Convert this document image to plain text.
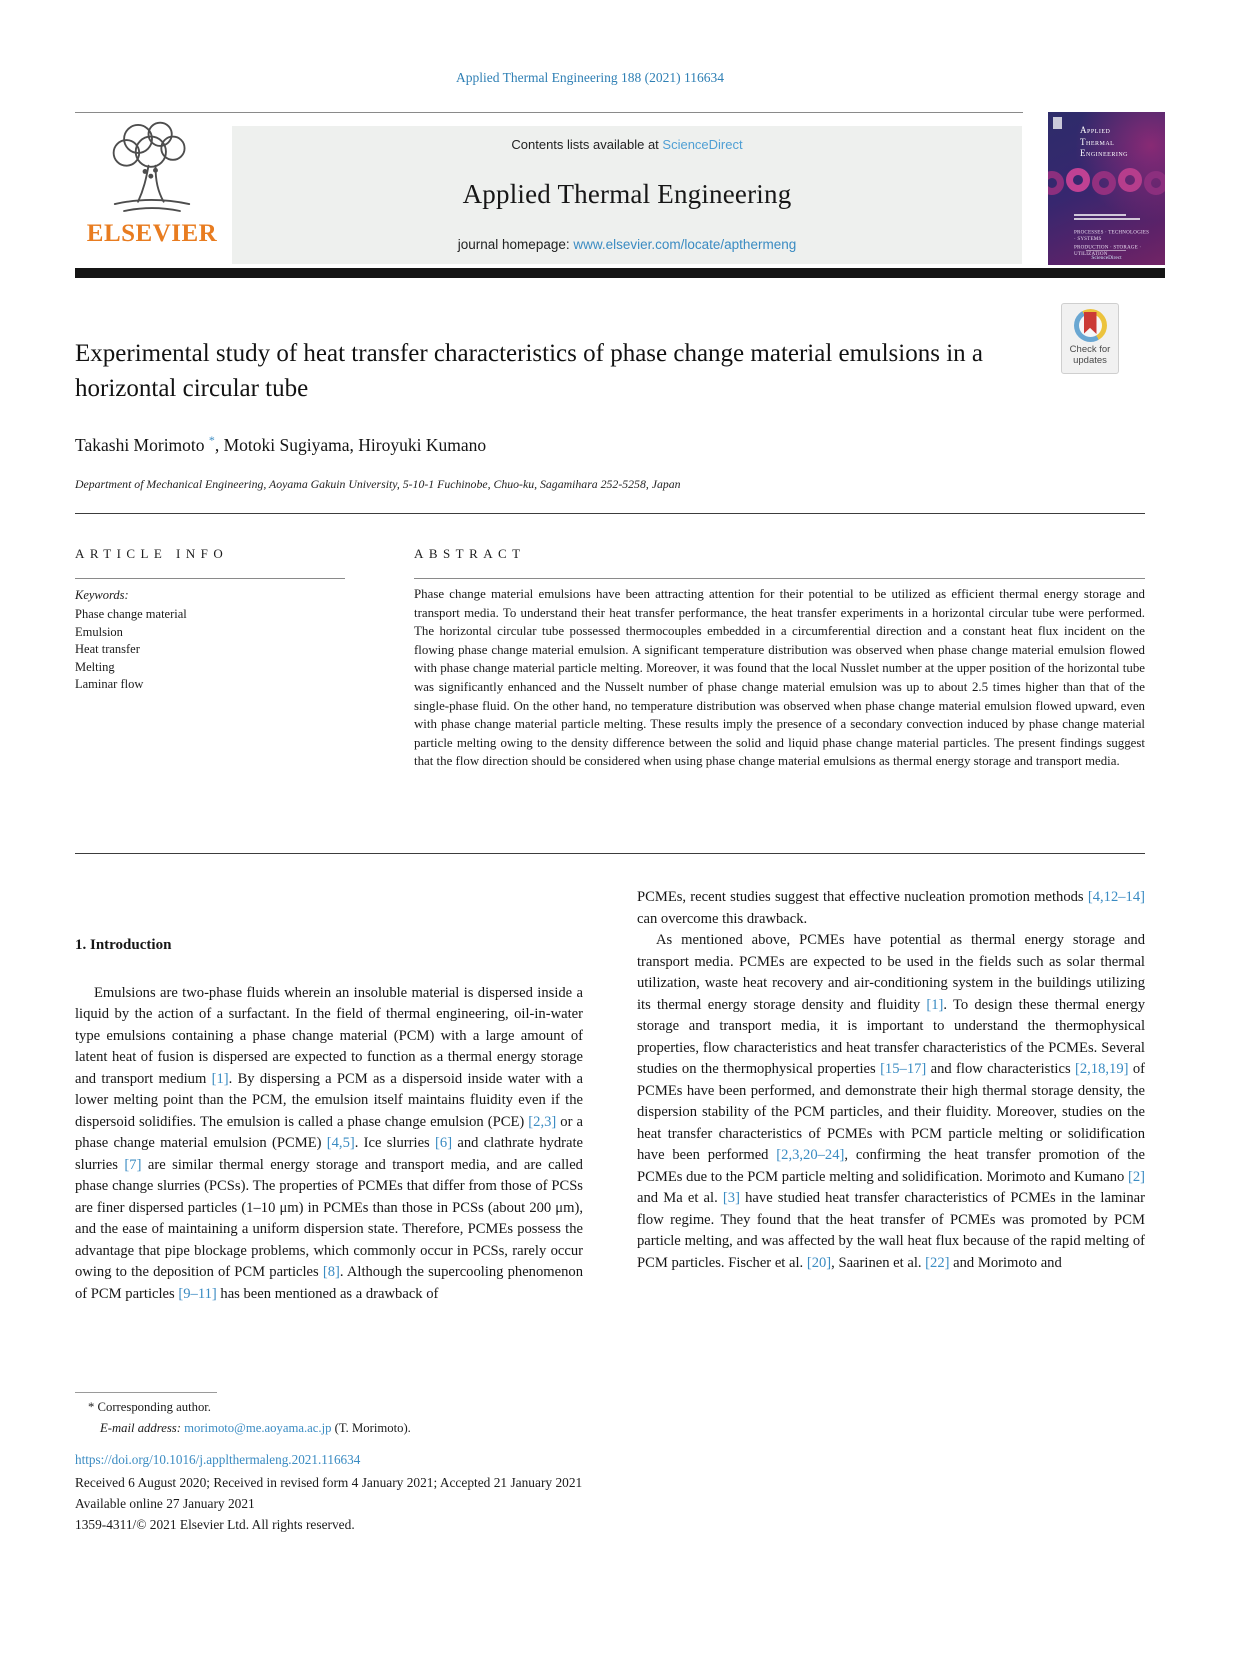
Applied Thermal Engineering 188 (2021) 116634
ELSEVIER
Contents lists available at ScienceDirect
Applied Thermal Engineering
journal homepage: www.elsevier.com/locate/apthermeng
Applied
Thermal
Engineering
PROCESSES · TECHNOLOGIES · SYSTEMS
PRODUCTION · STORAGE · UTILIZATION
ScienceDirect
Experimental study of heat transfer characteristics of phase change material emulsions in a horizontal circular tube
Check for
updates
Takashi Morimoto *, Motoki Sugiyama, Hiroyuki Kumano
Department of Mechanical Engineering, Aoyama Gakuin University, 5-10-1 Fuchinobe, Chuo-ku, Sagamihara 252-5258, Japan
ARTICLE INFO	ABSTRACT
Keywords:
Phase change material
Emulsion
Heat transfer
Melting
Laminar flow
Phase change material emulsions have been attracting attention for their potential to be utilized as efficient thermal energy storage and transport media. To understand their heat transfer performance, the heat transfer experiments in a horizontal circular tube were performed. The horizontal circular tube possessed thermocouples embedded in a circumferential direction and a constant heat flux incident on the flowing phase change material emulsion. A significant temperature distribution was observed when phase change material emulsion flowed with phase change material particle melting. Moreover, it was found that the local Nusslet number at the upper position of the horizontal tube was significantly enhanced and the Nusselt number of phase change material emulsion was up to about 2.5 times higher than that of the single-phase fluid. On the other hand, no temperature distribution was observed when phase change material emulsion flowed upward, even with phase change material particle melting. These results imply the presence of a secondary convection induced by phase change material particle melting owing to the density difference between the solid and liquid phase change material particles. The present findings suggest that the flow direction should be considered when using phase change material emulsions as thermal energy storage and transport media.
1. Introduction

Emulsions are two-phase fluids wherein an insoluble material is dispersed inside a liquid by the action of a surfactant. In the field of thermal engineering, oil-in-water type emulsions containing a phase change material (PCM) with a large amount of latent heat of fusion is dispersed are expected to function as a thermal energy storage and transport medium [1]. By dispersing a PCM as a dispersoid inside water with a lower melting point than the PCM, the emulsion itself maintains fluidity even if the dispersoid solidifies. The emulsion is called a phase change emulsion (PCE) [2,3] or a phase change material emulsion (PCME) [4,5]. Ice slurries [6] and clathrate hydrate slurries [7] are similar thermal energy storage and transport media, and are called phase change slurries (PCSs). The properties of PCMEs that differ from those of PCSs are finer dispersed particles (1–10 μm) in PCMEs than those in PCSs (about 200 μm), and the ease of maintaining a uniform dispersion state. Therefore, PCMEs possess the advantage that pipe blockage problems, which commonly occur in PCSs, rarely occur owing to the deposition of PCM particles [8]. Although the supercooling phenomenon of PCM particles [9–11] has been mentioned as a drawback of

PCMEs, recent studies suggest that effective nucleation promotion methods [4,12–14] can overcome this drawback.

As mentioned above, PCMEs have potential as thermal energy storage and transport media. PCMEs are expected to be used in the fields such as solar thermal utilization, waste heat recovery and air-conditioning system in the buildings utilizing its thermal energy storage density and fluidity [1]. To design these thermal energy storage and transport media, it is important to understand the thermophysical properties, flow characteristics and heat transfer characteristics of the PCMEs. Several studies on the thermophysical properties [15–17] and flow characteristics [2,18,19] of PCMEs have been performed, and demonstrate their high thermal storage density, the dispersion stability of the PCM particles, and their fluidity. Moreover, studies on the heat transfer characteristics of PCMEs with PCM particle melting or solidification have been performed [2,3,20–24], confirming the heat transfer promotion of the PCMEs due to the PCM particle melting and solidification. Morimoto and Kumano [2] and Ma et al. [3] have studied heat transfer characteristics of PCMEs in the laminar flow regime. They found that the heat transfer of PCMEs was promoted by PCM particle melting, and was affected by the wall heat flux because of the rapid melting of PCM particles. Fischer et al. [20], Saarinen et al. [22] and Morimoto and

* Corresponding author.
E-mail address: morimoto@me.aoyama.ac.jp (T. Morimoto).
https://doi.org/10.1016/j.applthermaleng.2021.116634
Received 6 August 2020; Received in revised form 4 January 2021; Accepted 21 January 2021
Available online 27 January 2021
1359-4311/© 2021 Elsevier Ltd. All rights reserved.
